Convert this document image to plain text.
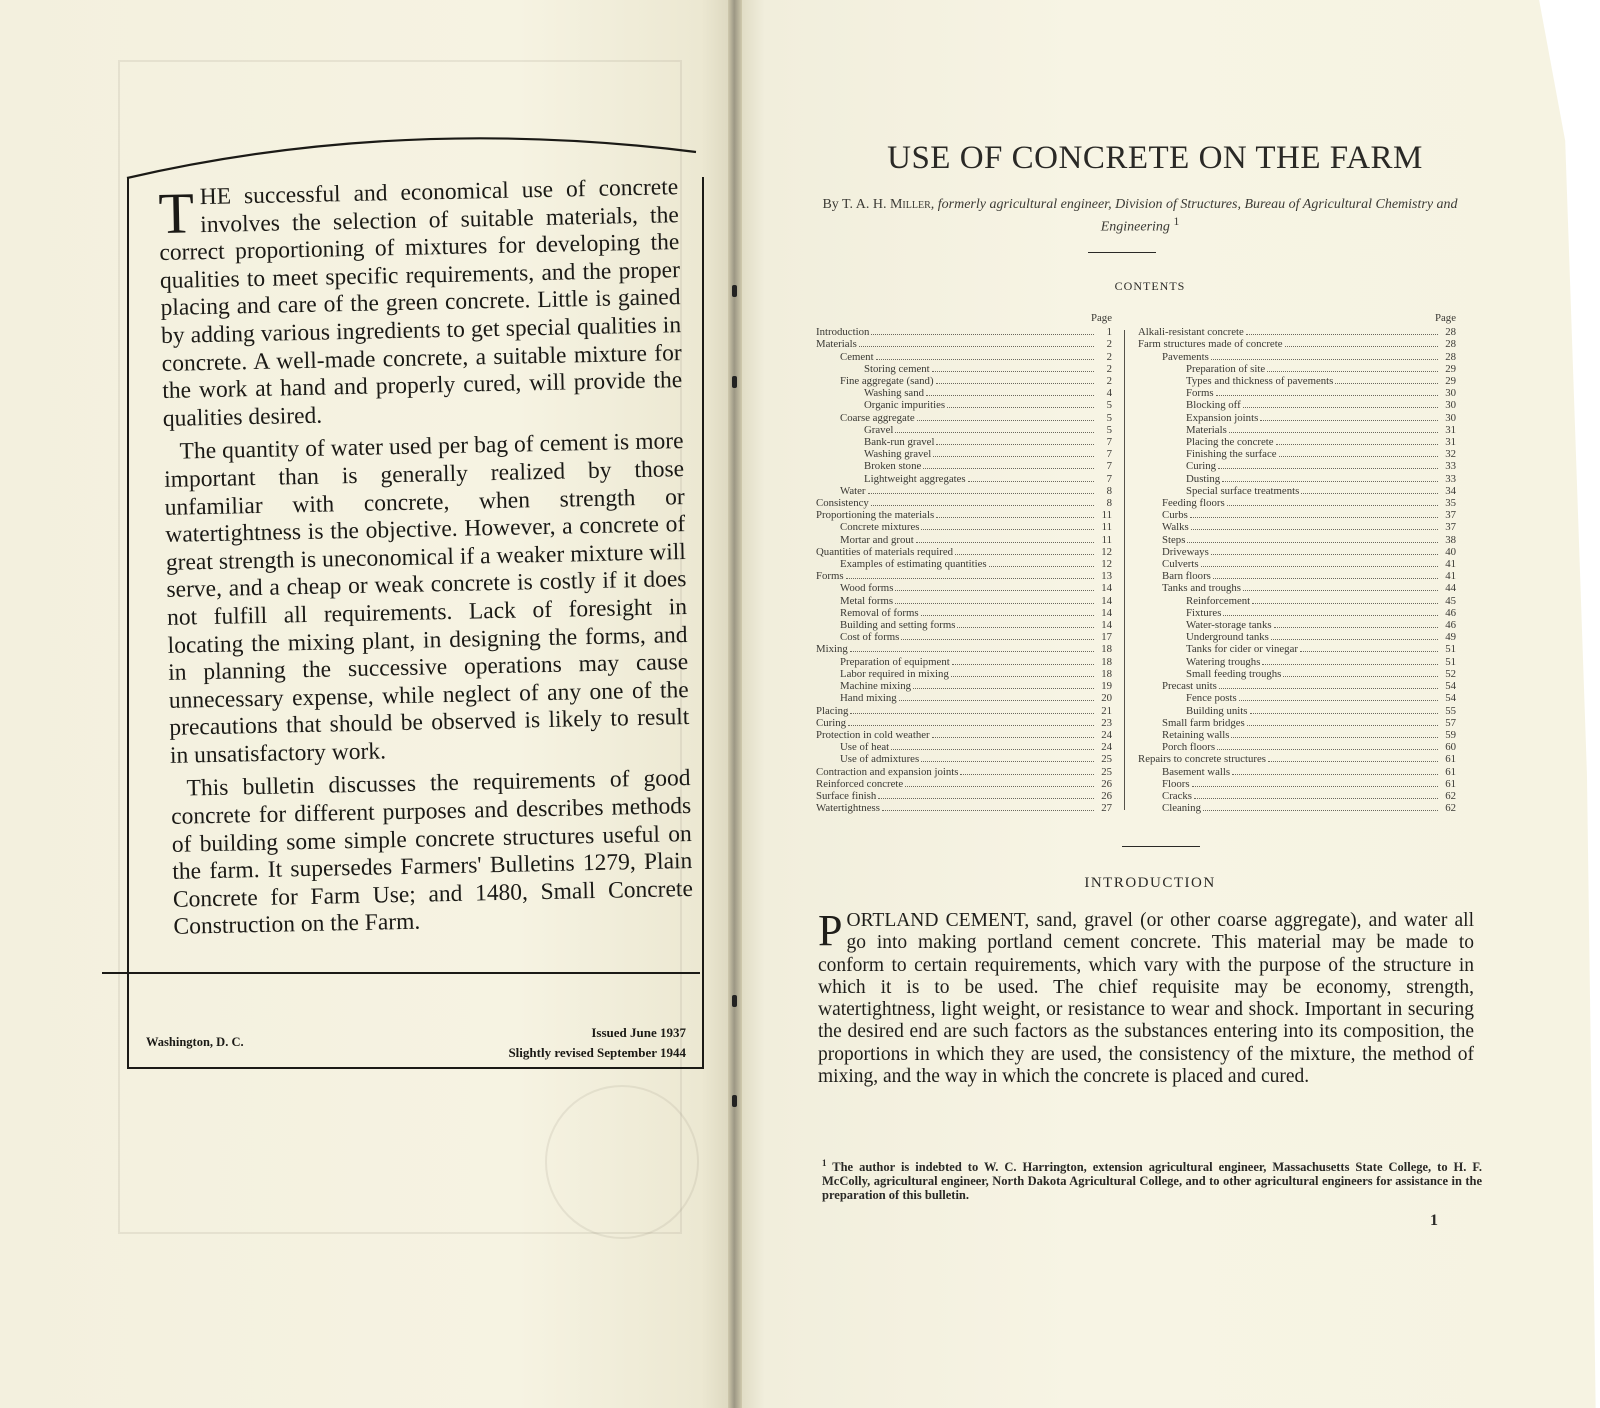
THE successful and economical use of concrete involves the selection of suitable materials, the correct proportioning of mixtures for developing the qualities to meet specific requirements, and the proper placing and care of the green concrete. Little is gained by adding various ingredients to get special qualities in concrete. A well-made concrete, a suitable mixture for the work at hand and properly cured, will provide the qualities desired.

The quantity of water used per bag of cement is more important than is generally realized by those unfamiliar with concrete, when strength or watertightness is the objective. However, a concrete of great strength is uneconomical if a weaker mixture will serve, and a cheap or weak concrete is costly if it does not fulfill all requirements. Lack of foresight in locating the mixing plant, in designing the forms, and in planning the successive operations may cause unnecessary expense, while neglect of any one of the precautions that should be observed is likely to result in unsatisfactory work.

This bulletin discusses the requirements of good concrete for different purposes and describes methods of building some simple concrete structures useful on the farm. It supersedes Farmers' Bulletins 1279, Plain Concrete for Farm Use; and 1480, Small Concrete Construction on the Farm.

Washington, D. C.
Issued June 1937
Slightly revised September 1944
USE OF CONCRETE ON THE FARM
By T. A. H. Miller, formerly agricultural engineer, Division of Structures, Bureau of Agricultural Chemistry and Engineering $^1$
CONTENTS
Page
Introduction	1
Materials	2
Cement	2
Storing cement	2
Fine aggregate (sand)	2
Washing sand	4
Organic impurities	5
Coarse aggregate	5
Gravel	5
Bank-run gravel	7
Washing gravel	7
Broken stone	7
Lightweight aggregates	7
Water	8
Consistency	8
Proportioning the materials	11
Concrete mixtures	11
Mortar and grout	11
Quantities of materials required	12
Examples of estimating quantities	12
Forms	13
Wood forms	14
Metal forms	14
Removal of forms	14
Building and setting forms	14
Cost of forms	17
Mixing	18
Preparation of equipment	18
Labor required in mixing	18
Machine mixing	19
Hand mixing	20
Placing	21
Curing	23
Protection in cold weather	24
Use of heat	24
Use of admixtures	25
Contraction and expansion joints	25
Reinforced concrete	26
Surface finish	26
Watertightness	27
Page
Alkali-resistant concrete	28
Farm structures made of concrete	28
Pavements	28
Preparation of site	29
Types and thickness of pavements	29
Forms	30
Blocking off	30
Expansion joints	30
Materials	31
Placing the concrete	31
Finishing the surface	32
Curing	33
Dusting	33
Special surface treatments	34
Feeding floors	35
Curbs	37
Walks	37
Steps	38
Driveways	40
Culverts	41
Barn floors	41
Tanks and troughs	44
Reinforcement	45
Fixtures	46
Water-storage tanks	46
Underground tanks	49
Tanks for cider or vinegar	51
Watering troughs	51
Small feeding troughs	52
Precast units	54
Fence posts	54
Building units	55
Small farm bridges	57
Retaining walls	59
Porch floors	60
Repairs to concrete structures	61
Basement walls	61
Floors	61
Cracks	62
Cleaning	62
INTRODUCTION
PORTLAND CEMENT, sand, gravel (or other coarse aggregate), and water all go into making portland cement concrete. This material may be made to conform to certain requirements, which vary with the purpose of the structure in which it is to be used. The chief requisite may be economy, strength, watertightness, light weight, or resistance to wear and shock. Important in securing the desired end are such factors as the substances entering into its composition, the proportions in which they are used, the consistency of the mixture, the method of mixing, and the way in which the concrete is placed and cured.
$^1$ The author is indebted to W. C. Harrington, extension agricultural engineer, Massachusetts State College, to H. F. McColly, agricultural engineer, North Dakota Agricultural College, and to other agricultural engineers for assistance in the preparation of this bulletin.
1
